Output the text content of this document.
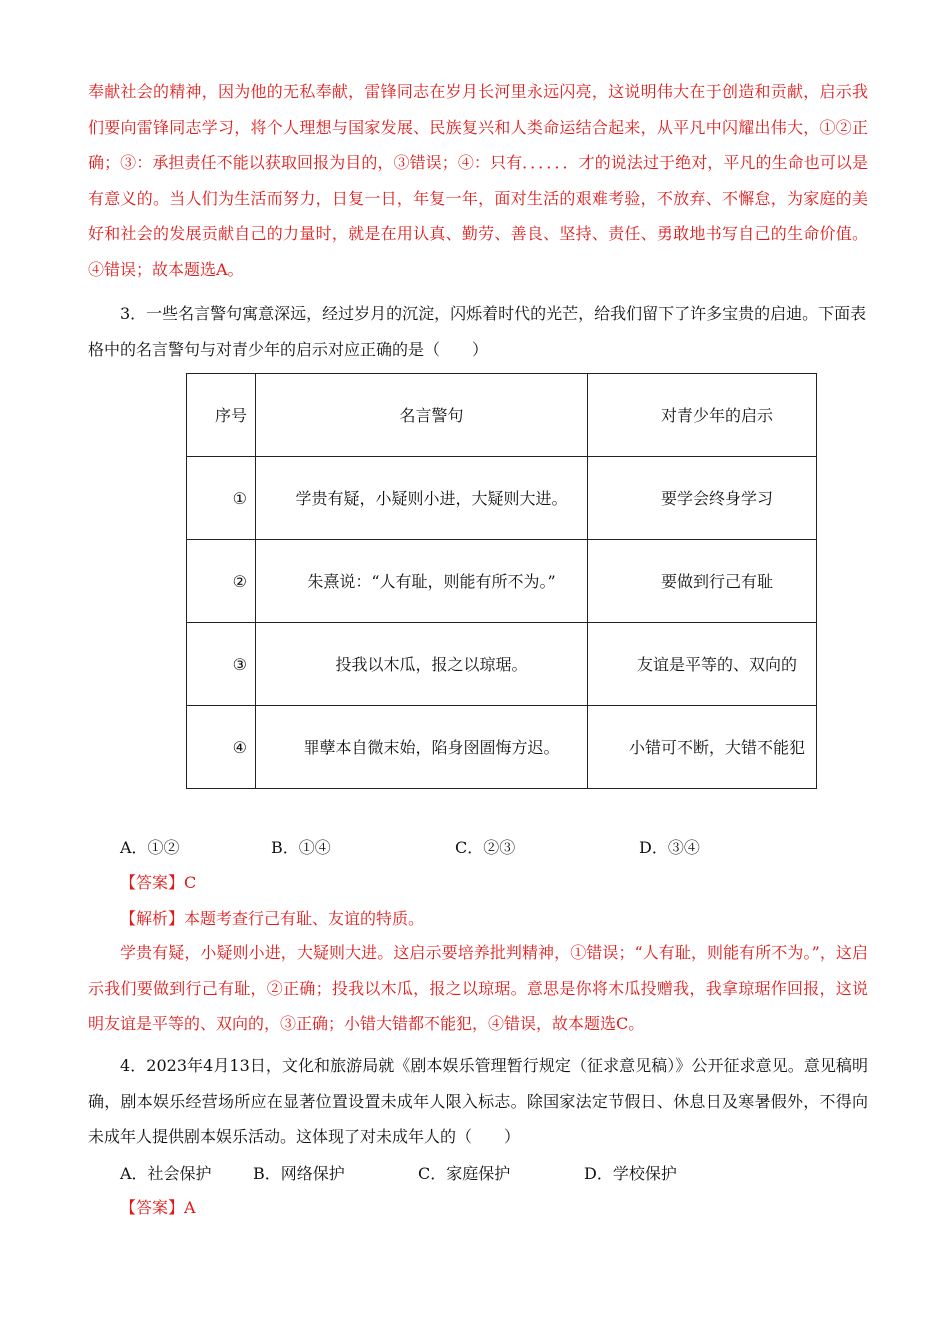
奉献社会的精神，因为他的无私奉献，雷锋同志在岁月长河里永远闪亮，这说明伟大在于创造和贡献，启示我们要向雷锋同志学习，将个人理想与国家发展、民族复兴和人类命运结合起来，从平凡中闪耀出伟大，①②正确；③：承担责任不能以获取回报为目的，③错误；④：只有．．．．．．才的说法过于绝对，平凡的生命也可以是有意义的。当人们为生活而努力，日复一日，年复一年，面对生活的艰难考验，不放弃、不懈怠，为家庭的美好和社会的发展贡献自己的力量时，就是在用认真、勤劳、善良、坚持、责任、勇敢地书写自己的生命价值。④错误；故本题选A。

3．一些名言警句寓意深远，经过岁月的沉淀，闪烁着时代的光芒，给我们留下了许多宝贵的启迪。下面表格中的名言警句与对青少年的启示对应正确的是（　　）

序号	名言警句	对青少年的启示
①	学贵有疑，小疑则小进，大疑则大进。	要学会终身学习
②	朱熹说：“人有耻，则能有所不为。”	要做到行己有耻
③	投我以木瓜，报之以琼琚。	友谊是平等的、双向的
④	罪孽本自微末始，陷身囹圄悔方迟。	小错可不断，大错不能犯
A．①②	B．①④	C．②③	D．③④
【答案】C
【解析】本题考查行己有耻、友谊的特质。

学贵有疑，小疑则小进，大疑则大进。这启示要培养批判精神，①错误；“人有耻，则能有所不为。”，这启示我们要做到行己有耻，②正确；投我以木瓜，报之以琼琚。意思是你将木瓜投赠我，我拿琼琚作回报，这说明友谊是平等的、双向的，③正确；小错大错都不能犯，④错误，故本题选C。

4．2023年4月13日，文化和旅游局就《剧本娱乐管理暂行规定（征求意见稿）》公开征求意见。意见稿明确，剧本娱乐经营场所应在显著位置设置未成年人限入标志。除国家法定节假日、休息日及寒暑假外，不得向未成年人提供剧本娱乐活动。这体现了对未成年人的（　　）

A．社会保护	B．网络保护	C．家庭保护	D．学校保护
【答案】A
